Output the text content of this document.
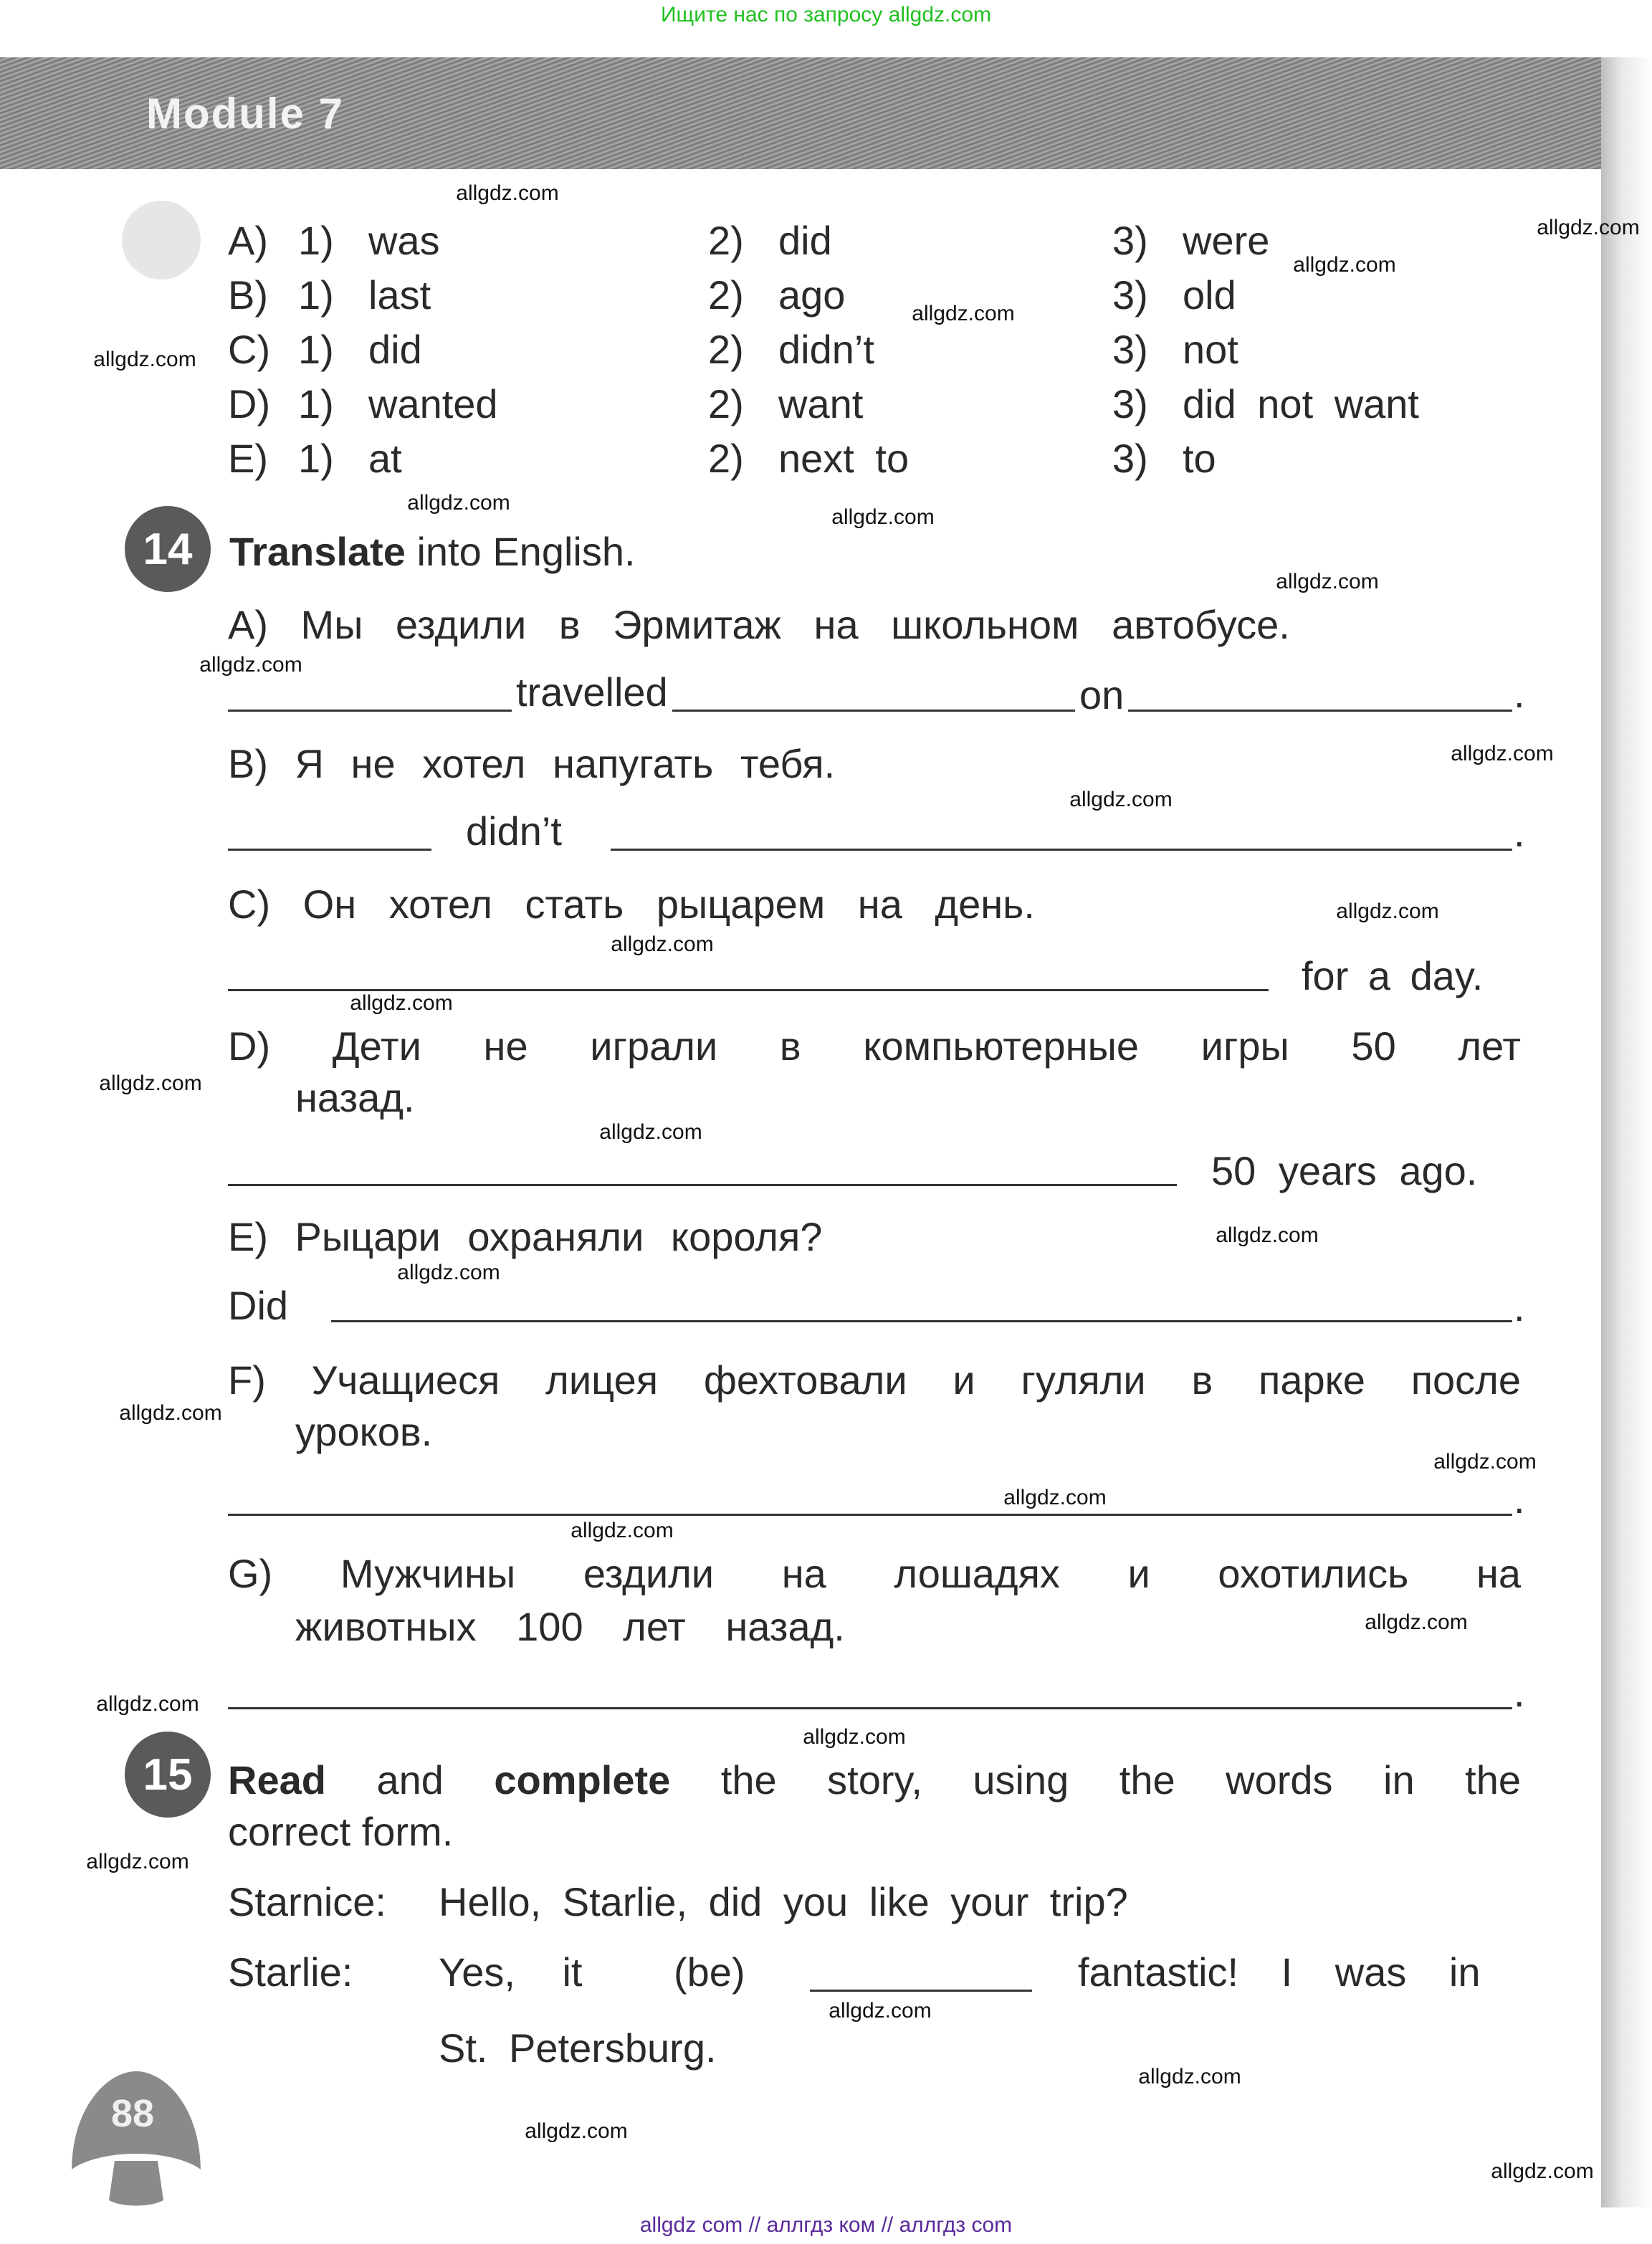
Ищите нас по запросу allgdz.com
Module 7
A) 1) was	2) did	3) were
B) 1) last	2) ago	3) old
C) 1) did	2) didn’t	3) not
D) 1) wanted	2) want	3) did not want
E) 1) at	2) next to	3) to
14 Translate into English.
A) Мы ездили в Эрмитаж на школьном автобусе.
travelled	on	.
B) Я не хотел напугать тебя.
didn’t	.
C) Он хотел стать рыцарем на день.
for a day.
D) Дети не играли в компьютерные игры 50 лет
назад.
50 years ago.
E) Рыцари охраняли короля?
Did	.
F) Учащиеся лицея фехтовали и гуляли в парке после
уроков.
.
G) Мужчины ездили на лошадях и охотились на
животных 100 лет назад.
.
15 Read and complete the story, using the words in the
correct form.
Starnice: Hello, Starlie, did you like your trip?
Starlie: Yes, it (be)	fantastic! I was in
St. Petersburg.
88
allgdz.com
allgdz.com
allgdz.com
allgdz.com
allgdz.com
allgdz.com
allgdz.com
allgdz.com
allgdz.com
allgdz.com
allgdz.com
allgdz.com
allgdz.com
allgdz.com
allgdz.com
allgdz.com
allgdz.com
allgdz.com
allgdz.com
allgdz.com
allgdz.com
allgdz.com
allgdz.com
allgdz.com
allgdz.com
allgdz.com
allgdz.com
allgdz.com
allgdz.com
allgdz.com
allgdz com // аллгдз ком // аллгдз com
